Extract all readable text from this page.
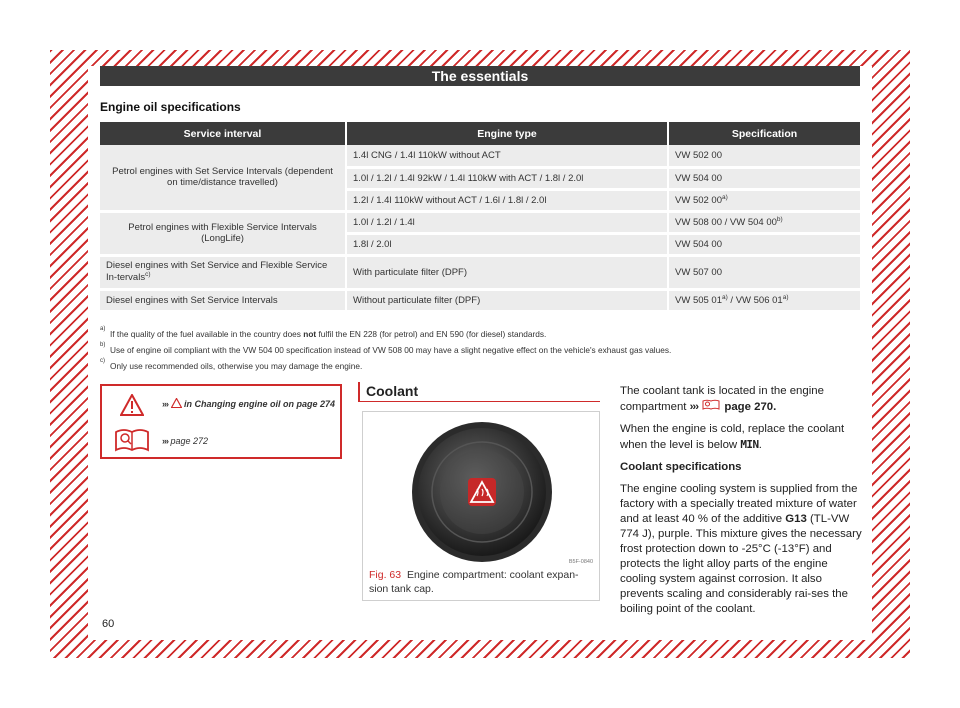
The essentials
Engine oil specifications
Service interval	Engine type	Specification
Petrol engines with Set Service Intervals (dependent on time/distance travelled)	1.4l CNG / 1.4l 110kW without ACT	VW 502 00
	1.0l / 1.2l / 1.4l 92kW / 1.4l 110kW with ACT / 1.8l / 2.0l	VW 504 00
	1.2l / 1.4l 110kW without ACT / 1.6l / 1.8l / 2.0l	VW 502 00$^{a)}$
Petrol engines with Flexible Service Intervals (LongLife)	1.0l / 1.2l / 1.4l	VW 508 00 / VW 504 00$^{b)}$
	1.8l / 2.0l	VW 504 00
Diesel engines with Set Service and Flexible Service In-tervals$^{c)}$	With particulate filter (DPF)	VW 507 00
Diesel engines with Set Service Intervals	Without particulate filter (DPF)	VW 505 01$^{a)}$ / VW 506 01$^{a)}$
a) If the quality of the fuel available in the country does not fulfil the EN 228 (for petrol) and EN 590 (for diesel) standards.
b) Use of engine oil compliant with the VW 504 00 specification instead of VW 508 00 may have a slight negative effect on the vehicle's exhaust gas values.
c) Only use recommended oils, otherwise you may damage the engine.
››› in Changing engine oil on page 274
››› page 272
Coolant
B5F-0840
Fig. 63 Engine compartment: coolant expan-sion tank cap.

The coolant tank is located in the engine compartment ›››  page 270.

When the engine is cold, replace the coolant when the level is below MIN.

Coolant specifications

The engine cooling system is supplied from the factory with a specially treated mixture of water and at least 40 % of the additive G13 (TL-VW 774 J), purple. This mixture gives the necessary frost protection down to -25°C (-13°F) and protects the light alloy parts of the engine cooling system against corrosion. It also prevents scaling and considerably rai-ses the boiling point of the coolant.

60
